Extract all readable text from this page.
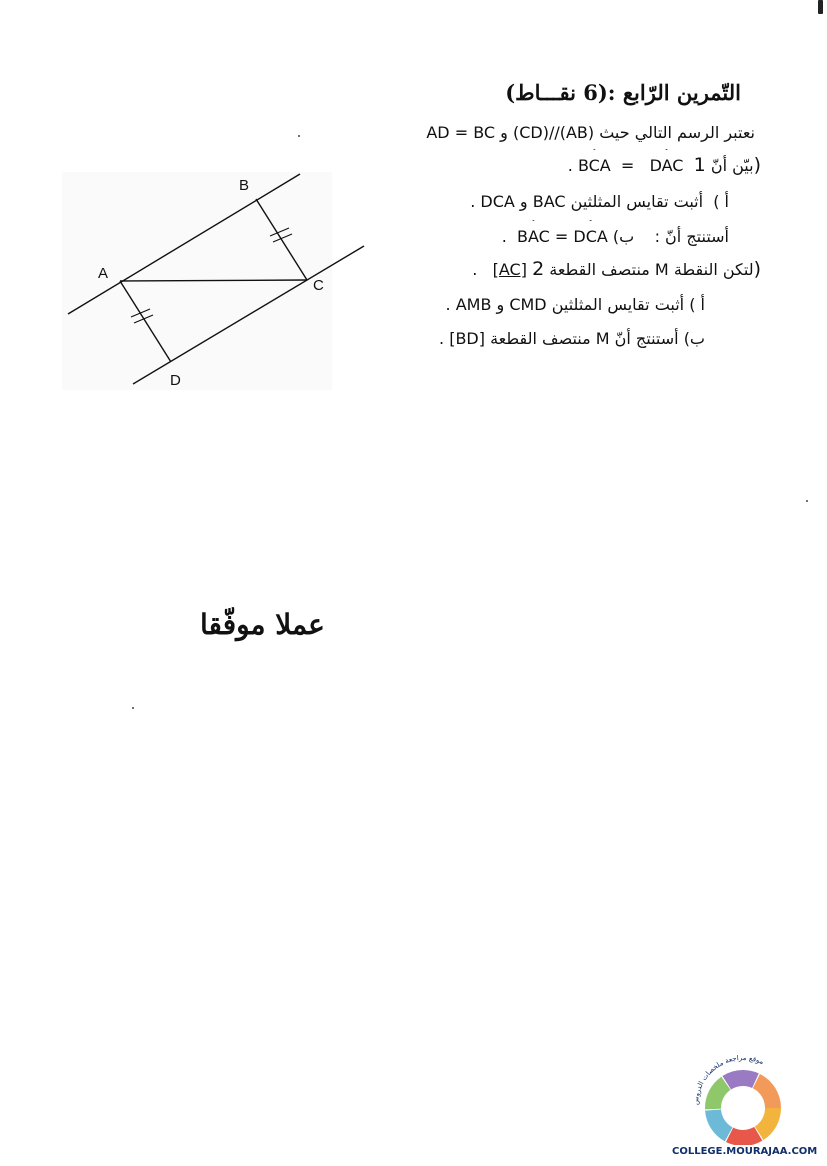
التّمرين الرّابع :(6 نقـــاط)
نعتبر الرسم التالي حيث (AB)//(CD) و AD = BC
. BCA = DAC بيّن أنّ 1)
أ )  أثبت تقايس المثلثين BAC و DCA .
. BAC = DCA	أستنتج أنّ :    ب)
. [AC] لتكن النقطة M منتصف القطعة 2)
أ ) أثبت تقايس المثلثين CMD و AMB .
ب) أستنتج أنّ M منتصف القطعة [BD] .
B
A
C
D
عملا موفّقا
موقع مراجعة ملخصات الدروس
COLLEGE.MOURAJAA.COM
